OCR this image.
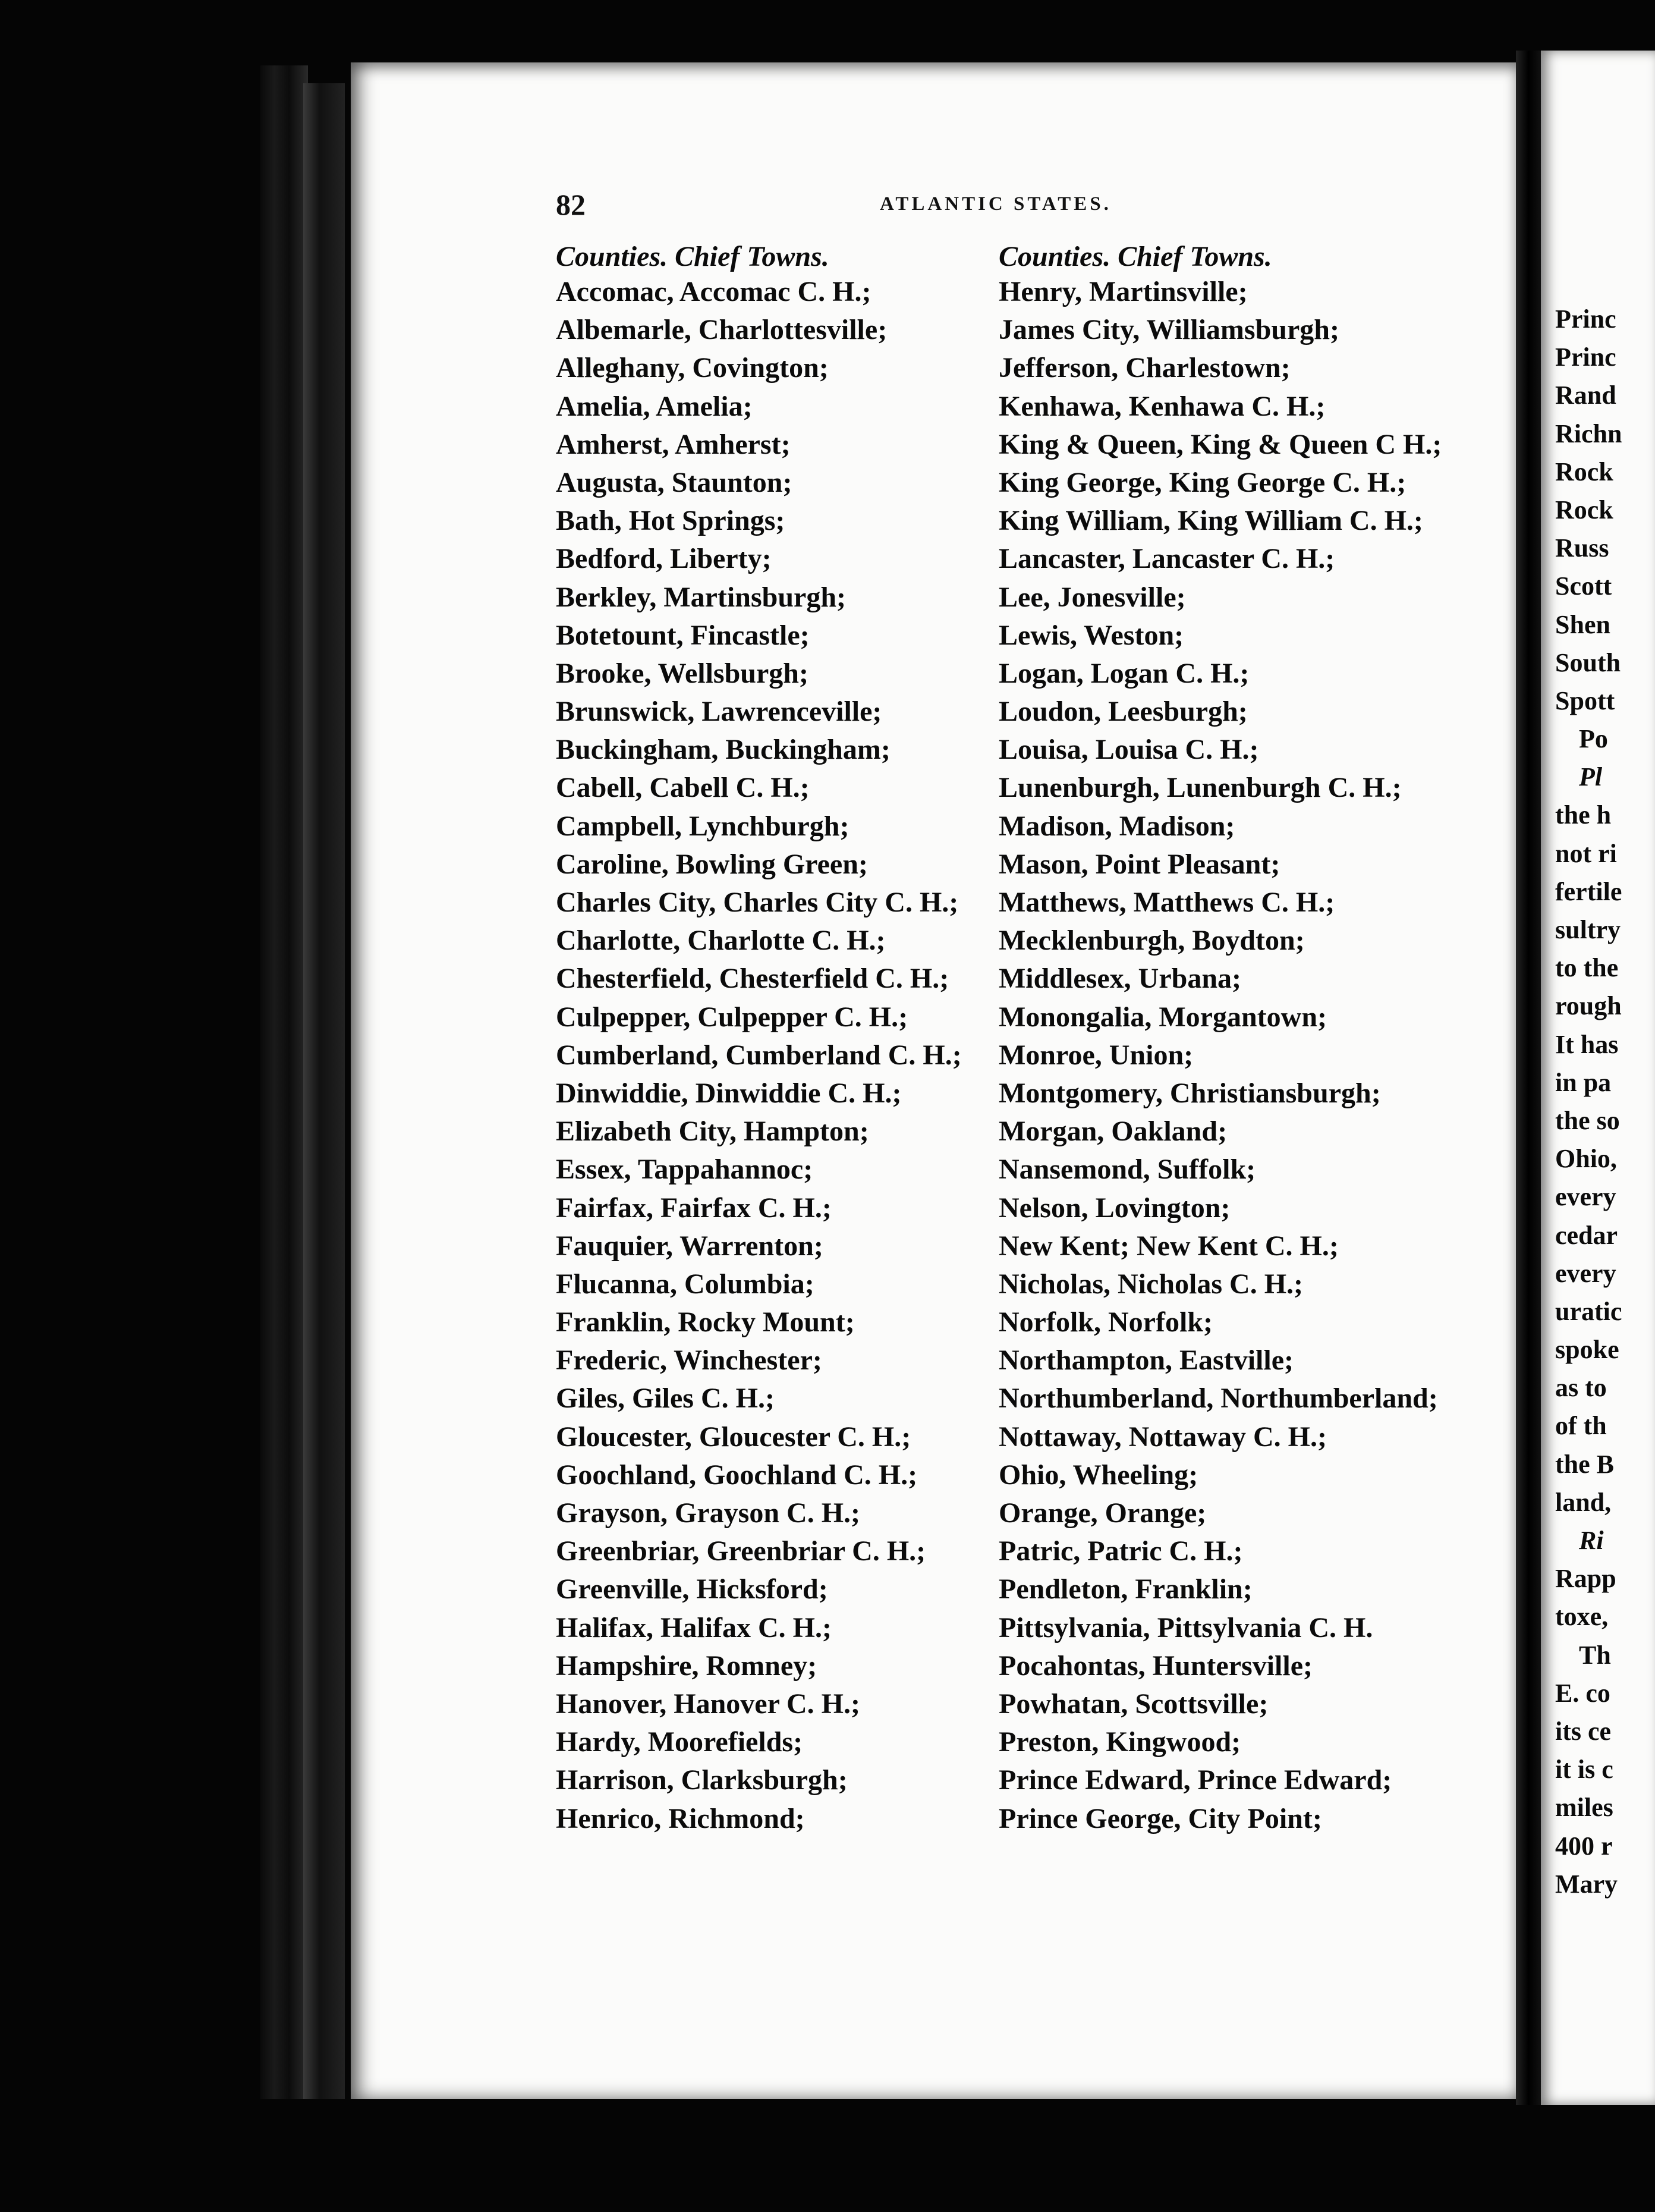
82	ATLANTIC STATES.
Counties. Chief Towns.
Accomac, Accomac C. H.;
Albemarle, Charlottesville;
Alleghany, Covington;
Amelia, Amelia;
Amherst, Amherst;
Augusta, Staunton;
Bath, Hot Springs;
Bedford, Liberty;
Berkley, Martinsburgh;
Botetount, Fincastle;
Brooke, Wellsburgh;
Brunswick, Lawrenceville;
Buckingham, Buckingham;
Cabell, Cabell C. H.;
Campbell, Lynchburgh;
Caroline, Bowling Green;
Charles City, Charles City C. H.;
Charlotte, Charlotte C. H.;
Chesterfield, Chesterfield C. H.;
Culpepper, Culpepper C. H.;
Cumberland, Cumberland C. H.;
Dinwiddie, Dinwiddie C. H.;
Elizabeth City, Hampton;
Essex, Tappahannoc;
Fairfax, Fairfax C. H.;
Fauquier, Warrenton;
Flucanna, Columbia;
Franklin, Rocky Mount;
Frederic, Winchester;
Giles, Giles C. H.;
Gloucester, Gloucester C. H.;
Goochland, Goochland C. H.;
Grayson, Grayson C. H.;
Greenbriar, Greenbriar C. H.;
Greenville, Hicksford;
Halifax, Halifax C. H.;
Hampshire, Romney;
Hanover, Hanover C. H.;
Hardy, Moorefields;
Harrison, Clarksburgh;
Henrico, Richmond;
Counties. Chief Towns.
Henry, Martinsville;
James City, Williamsburgh;
Jefferson, Charlestown;
Kenhawa, Kenhawa C. H.;
King & Queen, King & Queen C H.;
King George, King George C. H.;
King William, King William C. H.;
Lancaster, Lancaster C. H.;
Lee, Jonesville;
Lewis, Weston;
Logan, Logan C. H.;
Loudon, Leesburgh;
Louisa, Louisa C. H.;
Lunenburgh, Lunenburgh C. H.;
Madison, Madison;
Mason, Point Pleasant;
Matthews, Matthews C. H.;
Mecklenburgh, Boydton;
Middlesex, Urbana;
Monongalia, Morgantown;
Monroe, Union;
Montgomery, Christiansburgh;
Morgan, Oakland;
Nansemond, Suffolk;
Nelson, Lovington;
New Kent; New Kent C. H.;
Nicholas, Nicholas C. H.;
Norfolk, Norfolk;
Northampton, Eastville;
Northumberland, Northumberland;
Nottaway, Nottaway C. H.;
Ohio, Wheeling;
Orange, Orange;
Patric, Patric C. H.;
Pendleton, Franklin;
Pittsylvania, Pittsylvania C. H.
Pocahontas, Huntersville;
Powhatan, Scottsville;
Preston, Kingwood;
Prince Edward, Prince Edward;
Prince George, City Point;
Princ
Princ
Rand
Richn
Rock
Rock
Russ
Scott
Shen
South
Spott
Po
Pl
the h
not ri
fertile
sultry
to the
rough
It has
in pa
the so
Ohio,
every
cedar
every
uratic
spoke
as to
of th
the B
land,
Ri
Rapp
toxe,
Th
E. co
its ce
it is c
miles
400 r
Mary
